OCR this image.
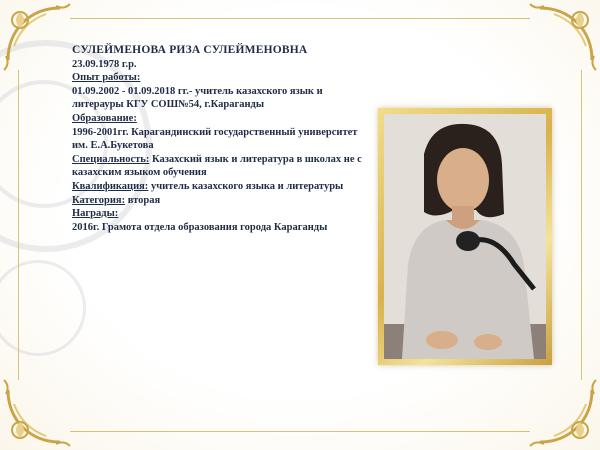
СУЛЕЙМЕНОВА РИЗА СУЛЕЙМЕНОВНА

23.09.1978 г.р.

Опыт работы:

01.09.2002 - 01.09.2018 гг.- учитель казахского язык и литерауры КГУ СОШ№54, г.Караганды

Образование:

1996-2001гг. Карагандинский государственный университет им. Е.А.Букетова

Специальность: Казахский язык и литература в школах не с казахским языком обучения

Квалификация: учитель казахского языка и литературы

Категория: вторая

Награды:

2016г. Грамота отдела образования города Караганды
